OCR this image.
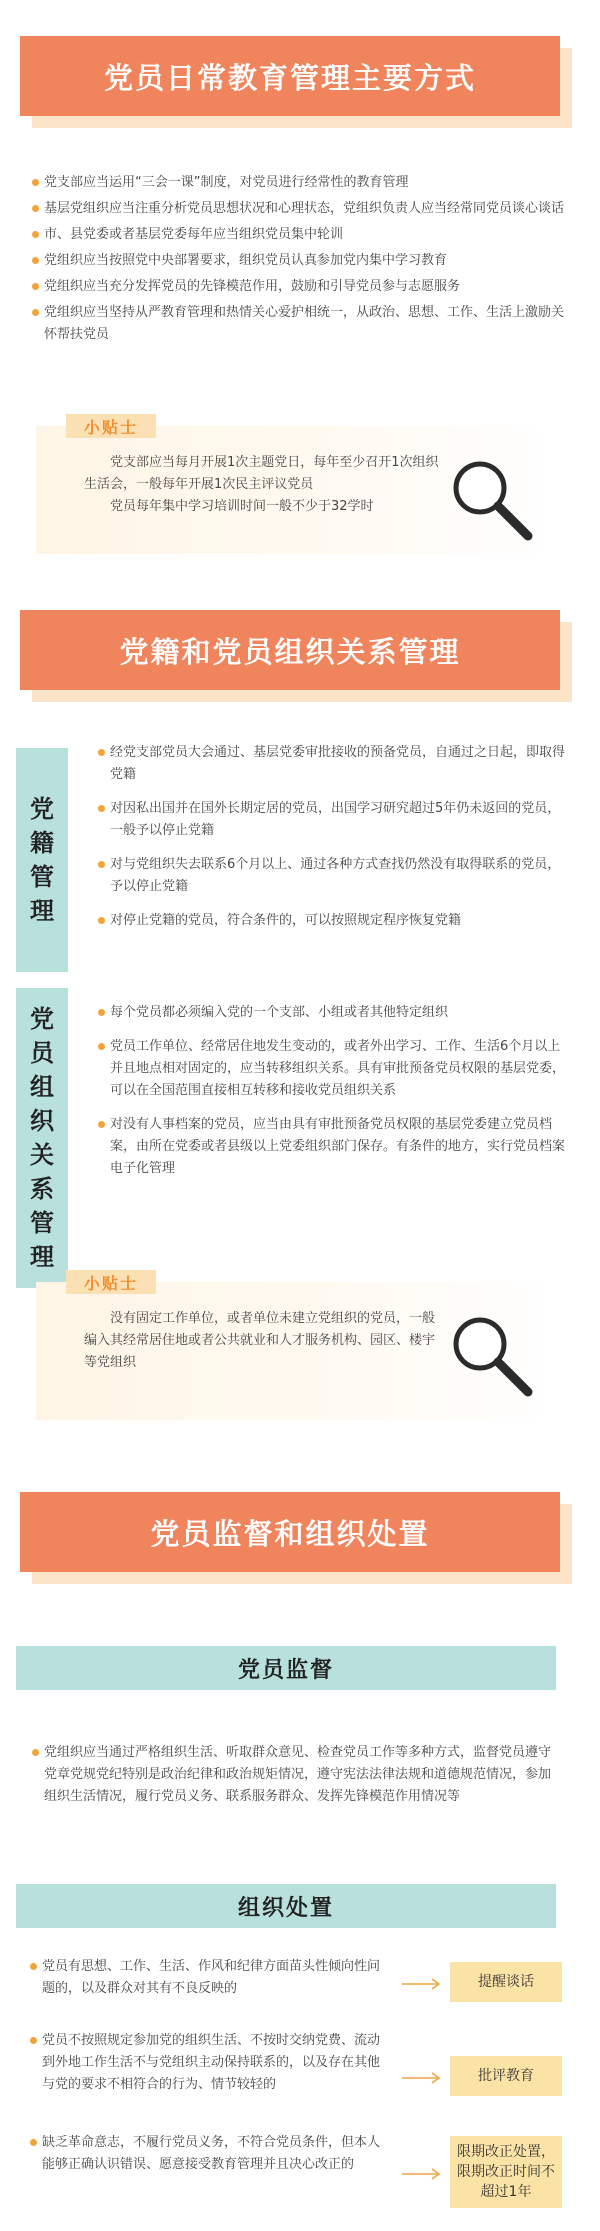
党员日常教育管理主要方式
党支部应当运用“三会一课”制度，对党员进行经常性的教育管理
基层党组织应当注重分析党员思想状况和心理状态，党组织负责人应当经常同党员谈心谈话
市、县党委或者基层党委每年应当组织党员集中轮训
党组织应当按照党中央部署要求，组织党员认真参加党内集中学习教育
党组织应当充分发挥党员的先锋模范作用，鼓励和引导党员参与志愿服务
党组织应当坚持从严教育管理和热情关心爱护相统一，从政治、思想、工作、生活上激励关怀帮扶党员
小贴士
党支部应当每月开展1次主题党日，每年至少召开1次组织生活会，一般每年开展1次民主评议党员
党员每年集中学习培训时间一般不少于32学时
党籍和党员组织关系管理
党
籍
管
理
经党支部党员大会通过、基层党委审批接收的预备党员，自通过之日起，即取得党籍
对因私出国并在国外长期定居的党员，出国学习研究超过5年仍未返回的党员，一般予以停止党籍
对与党组织失去联系6个月以上、通过各种方式查找仍然没有取得联系的党员，予以停止党籍
对停止党籍的党员，符合条件的，可以按照规定程序恢复党籍
党
员
组
织
关
系
管
理
每个党员都必须编入党的一个支部、小组或者其他特定组织
党员工作单位、经常居住地发生变动的，或者外出学习、工作、生活6个月以上并且地点相对固定的，应当转移组织关系。具有审批预备党员权限的基层党委，可以在全国范围直接相互转移和接收党员组织关系
对没有人事档案的党员，应当由具有审批预备党员权限的基层党委建立党员档案，由所在党委或者县级以上党委组织部门保存。有条件的地方，实行党员档案电子化管理
小贴士
没有固定工作单位，或者单位未建立党组织的党员，一般编入其经常居住地或者公共就业和人才服务机构、园区、楼宇等党组织
党员监督和组织处置
党员监督
党组织应当通过严格组织生活、听取群众意见、检查党员工作等多种方式，监督党员遵守党章党规党纪特别是政治纪律和政治规矩情况，遵守宪法法律法规和道德规范情况，参加组织生活情况，履行党员义务、联系服务群众、发挥先锋模范作用情况等
组织处置
党员有思想、工作、生活、作风和纪律方面苗头性倾向性问题的，以及群众对其有不良反映的	提醒谈话
党员不按照规定参加党的组织生活、不按时交纳党费、流动到外地工作生活不与党组织主动保持联系的，以及存在其他与党的要求不相符合的行为、情节较轻的
批评教育
缺乏革命意志，不履行党员义务，不符合党员条件，但本人能够正确认识错误、愿意接受教育管理并且决心改正的
限期改正处置，限期改正时间不超过1年
